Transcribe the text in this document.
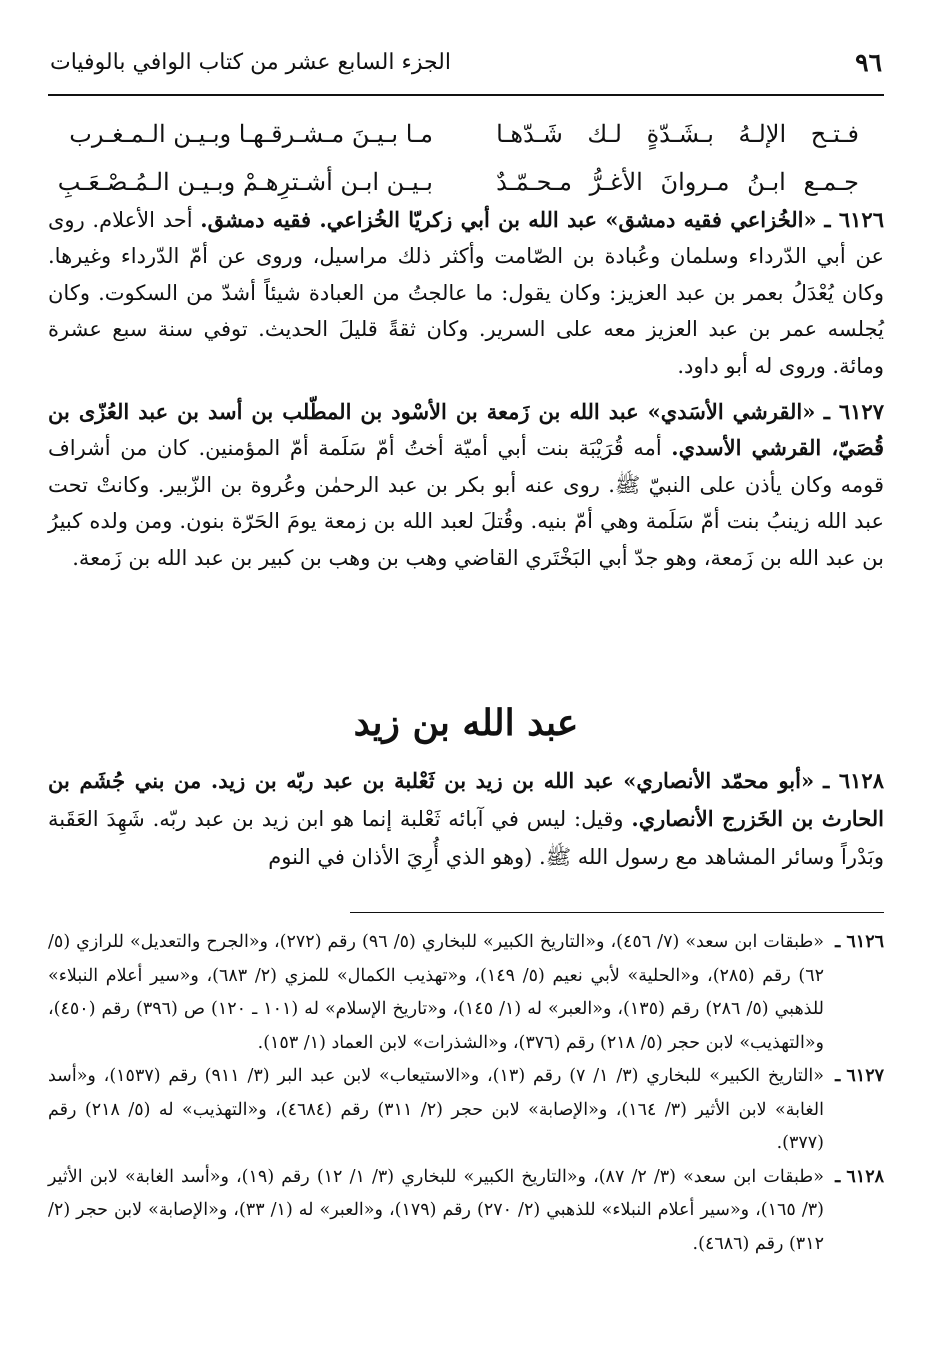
٩٦
الجزء السابع عشر من كتاب الوافي بالوفيات
فـتـح الإلـهُ بـشَـدّةٍ لـك شَـدّهـا
مـا بـيـنَ مـشـرقـهـا وبـيـن الـمـغـرب
جـمـع ابـنُ مـروانَ الأغـرُّ مـحـمّـدٌ
بـيـن ابـن أشـترِهـمْ وبـيـن الـمُـصْـعَـبِ

٦١٢٦ ـ «الخُزاعي فقيه دمشق» عبد الله بن أبي زكريّا الخُزاعي. فقيه دمشق. أحد الأعلام. روى عن أبي الدّرداء وسلمان وعُبادة بن الصّامت وأكثر ذلك مراسيل، وروى عن أمّ الدّرداء وغيرها. وكان يُعْدَلُ بعمر بن عبد العزيز: وكان يقول: ما عالجتُ من العبادة شيئاً أشدّ من السكوت. وكان يُجلسه عمر بن عبد العزيز معه على السرير. وكان ثقةً قليلَ الحديث. توفي سنة سبع عشرة ومائة. وروى له أبو داود.

٦١٢٧ ـ «القرشي الأسَدي» عبد الله بن زَمعة بن الأسْود بن المطّلب بن أسد بن عبد العُزّى بن قُصَيّ، القرشي الأسدي. أمه قُرَيْبَة بنت أبي أميّة أختُ أمّ سَلَمة أمّ المؤمنين. كان من أشراف قومه وكان يأذن على النبيّ ﷺ. روى عنه أبو بكر بن عبد الرحمٰن وعُروة بن الزّبير. وكانتْ تحت عبد الله زينبُ بنت أمّ سَلَمة وهي أمّ بنيه. وقُتلَ لعبد الله بن زمعة يومَ الحَرّة بنون. ومن ولده كبيرُ بن عبد الله بن زَمعة، وهو جدّ أبي البَخْتَري القاضي وهب بن وهب بن كبير بن عبد الله بن زَمعة.

عبد الله بن زيد

٦١٢٨ ـ «أبو محمّد الأنصاري» عبد الله بن زيد بن ثَعْلبة بن عبد ربّه بن زيد. من بني جُشَم بن الحارث بن الخَزرج الأنصاري. وقيل: ليس في آبائه ثَعْلبة إنما هو ابن زيد بن عبد ربّه. شَهِدَ العَقَبة وبَدْراً وسائر المشاهد مع رسول الله ﷺ. (وهو الذي أُرِيَ الأذان في النوم

٦١٢٦ ـ
«طبقات ابن سعد» (٧/ ٤٥٦)، و«التاريخ الكبير» للبخاري (٥/ ٩٦) رقم (٢٧٢)، و«الجرح والتعديل» للرازي (٥/ ٦٢) رقم (٢٨٥)، و«الحلية» لأبي نعيم (٥/ ١٤٩)، و«تهذيب الكمال» للمزي (٢/ ٦٨٣)، و«سير أعلام النبلاء» للذهبي (٥/ ٢٨٦) رقم (١٣٥)، و«العبر» له (١/ ١٤٥)، و«تاريخ الإسلام» له (١٠١ ـ ١٢٠) ص (٣٩٦) رقم (٤٥٠)، و«التهذيب» لابن حجر (٥/ ٢١٨) رقم (٣٧٦)، و«الشذرات» لابن العماد (١/ ١٥٣).
٦١٢٧ ـ
«التاريخ الكبير» للبخاري (٣/ ١/ ٧) رقم (١٣)، و«الاستيعاب» لابن عبد البر (٣/ ٩١١) رقم (١٥٣٧)، و«أسد الغابة» لابن الأثير (٣/ ١٦٤)، و«الإصابة» لابن حجر (٢/ ٣١١) رقم (٤٦٨٤)، و«التهذيب» له (٥/ ٢١٨) رقم (٣٧٧).
٦١٢٨ ـ
«طبقات ابن سعد» (٣/ ٢/ ٨٧)، و«التاريخ الكبير» للبخاري (٣/ ١/ ١٢) رقم (١٩)، و«أسد الغابة» لابن الأثير (٣/ ١٦٥)، و«سير أعلام النبلاء» للذهبي (٢/ ٢٧٠) رقم (١٧٩)، و«العبر» له (١/ ٣٣)، و«الإصابة» لابن حجر (٢/ ٣١٢) رقم (٤٦٨٦).
